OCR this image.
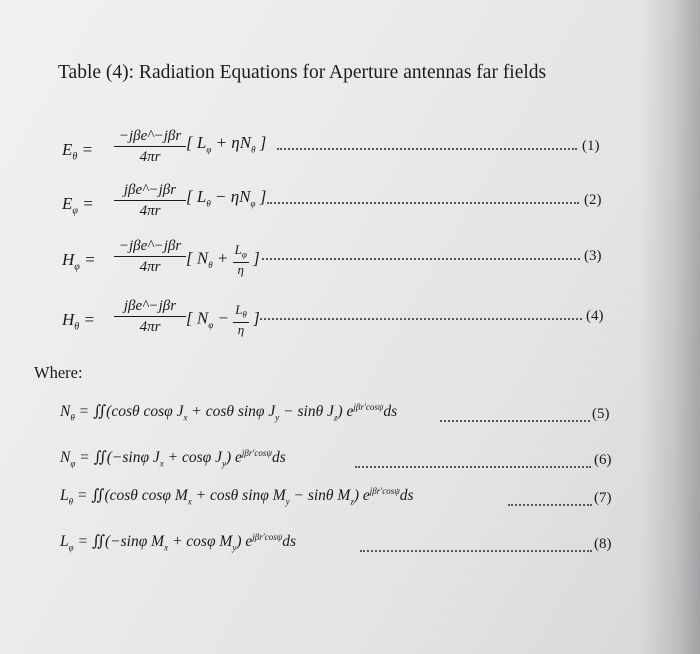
Table (4): Radiation Equations for Aperture antennas far fields
$E_\theta$ =
−jβe^−jβr
4πr
[ $L_\varphi + \eta N_\theta$ ]	(1)
$E_\varphi$ =
jβe^−jβr
4πr
[ $L_\theta - \eta N_\varphi$ ]	(2)
$H_\varphi$ =
−jβe^−jβr
4πr	[ $N_\theta + \frac{L_\varphi}{\eta}$ ]	(3)
$H_\theta$ =
jβe^−jβr
4πr	[ $N_\varphi - \frac{L_\theta}{\eta}$ ]	(4)
Where:
$N_\theta$ = ∬(cosθ cosφ $J_x + \cos\theta$ sinφ $J_y - \sin\theta$ $J_z$) $e^{j\beta r'cos\psi}ds$	(5)
$N_\varphi$ = ∬(−sinφ $J_x + \cos\varphi$ $J_y$) $e^{j\beta r'cos\psi}ds$	(6)
$L_\theta$ = ∬(cosθ cosφ $M_x + \cos\theta$ sinφ $M_y - \sin\theta$ $M_z$) $e^{j\beta r'cos\psi}ds$	(7)
$L_\varphi$ = ∬(−sinφ $M_x + \cos\varphi$ $M_y$) $e^{j\beta r'cos\psi}ds$	(8)
